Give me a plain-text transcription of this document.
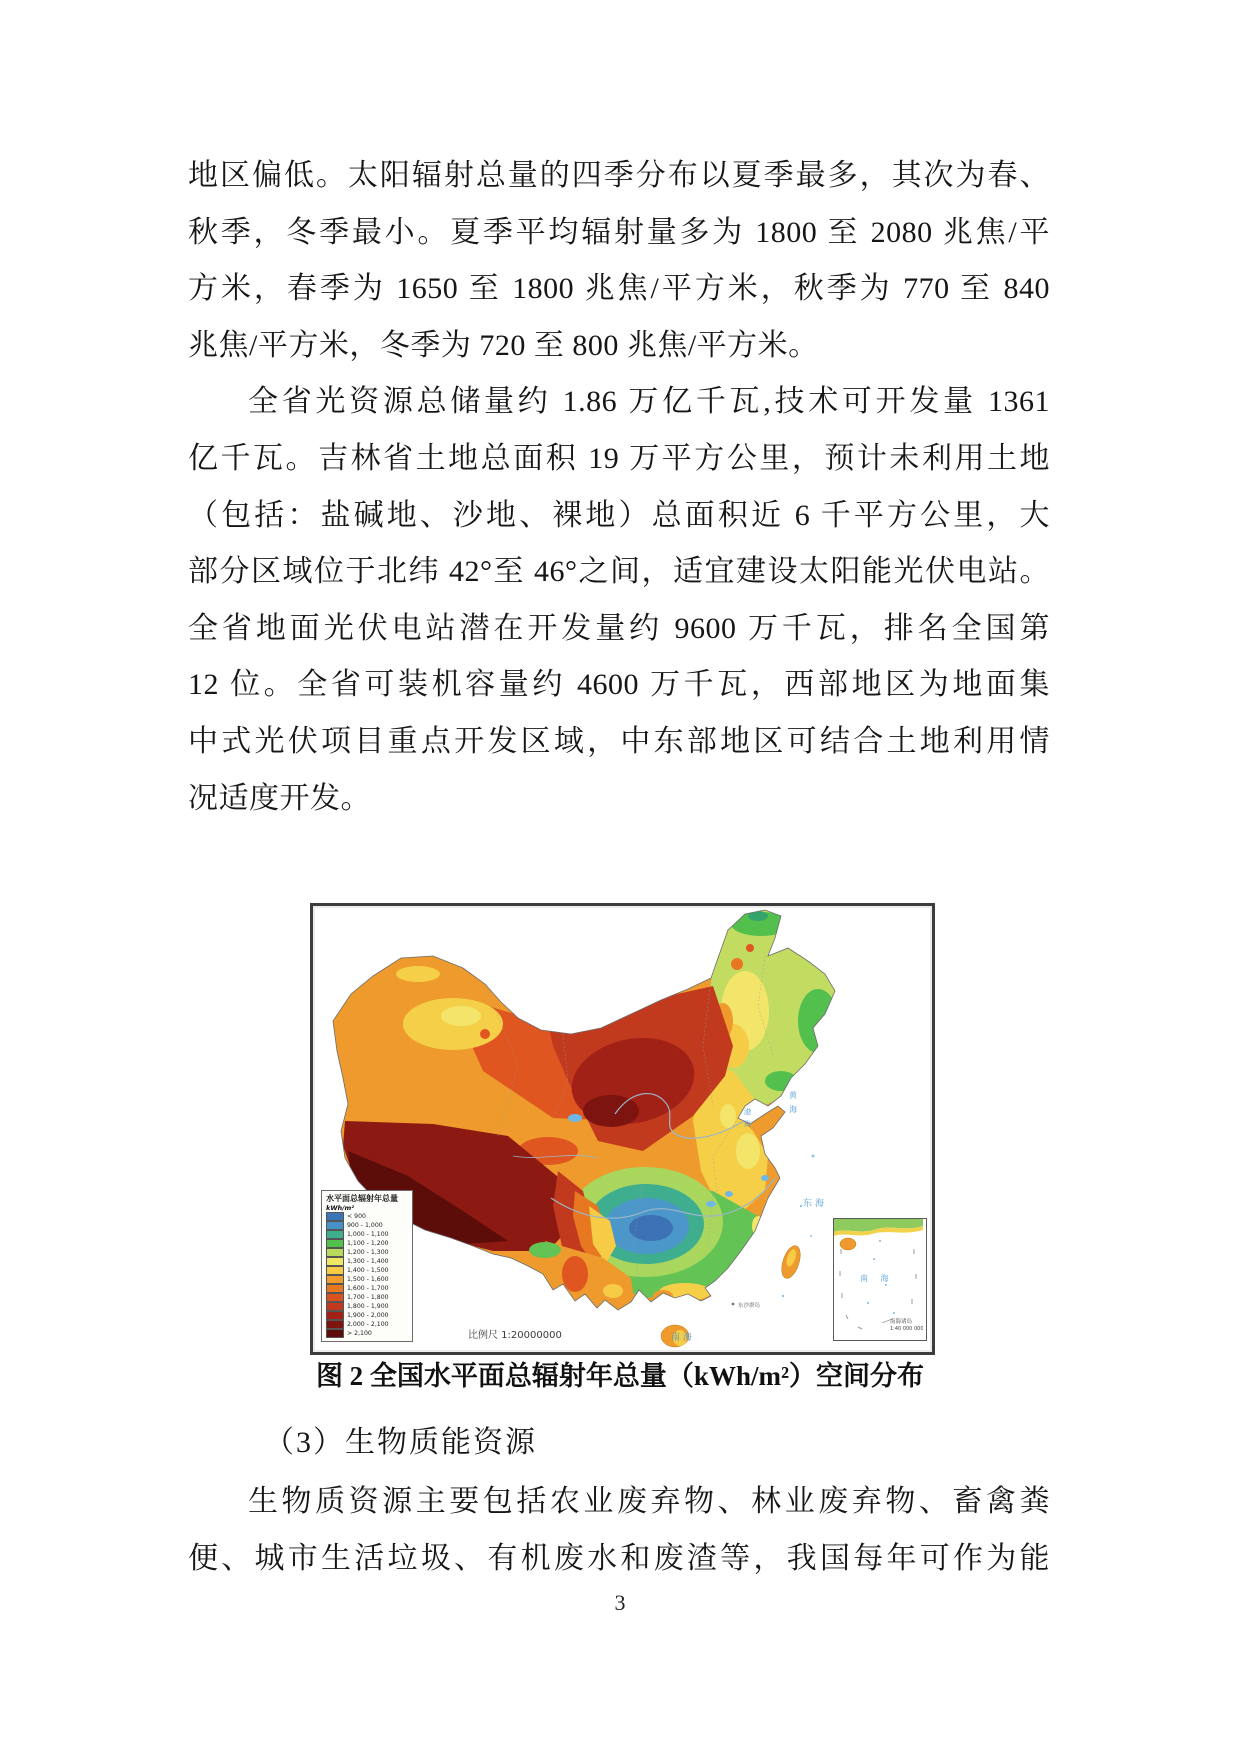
地区偏低。太阳辐射总量的四季分布以夏季最多，其次为春、
秋季，冬季最小。夏季平均辐射量多为 1800 至 2080 兆焦/平
方米，春季为 1650 至 1800 兆焦/平方米，秋季为 770 至 840
兆焦/平方米，冬季为 720 至 800 兆焦/平方米。
全省光资源总储量约 1.86 万亿千瓦,技术可开发量 1361
亿千瓦。吉林省土地总面积 19 万平方公里，预计未利用土地
（包括：盐碱地、沙地、裸地）总面积近 6 千平方公里，大
部分区域位于北纬 42°至 46°之间，适宜建设太阳能光伏电站。
全省地面光伏电站潜在开发量约 9600 万千瓦，排名全国第
12 位。全省可装机容量约 4600 万千瓦，西部地区为地面集
中式光伏项目重点开发区域，中东部地区可结合土地利用情
况适度开发。
渤
海
黄
海
东 海
南 海
东沙群岛
水平面总辐射年总量
kWh/m²
< 900
900 - 1,000
1,000 - 1,100
1,100 - 1,200
1,200 - 1,300
1,300 - 1,400
1,400 - 1,500
1,500 - 1,600
1,600 - 1,700
1,700 - 1,800
1,800 - 1,900
1,900 - 2,000
2,000 - 2,100
> 2,100	比例尺 1:20000000
南 海
南海诸岛
1:40 000 000
图 2 全国水平面总辐射年总量（kWh/m²）空间分布
（3）生物质能资源
生物质资源主要包括农业废弃物、林业废弃物、畜禽粪
便、城市生活垃圾、有机废水和废渣等，我国每年可作为能
3
